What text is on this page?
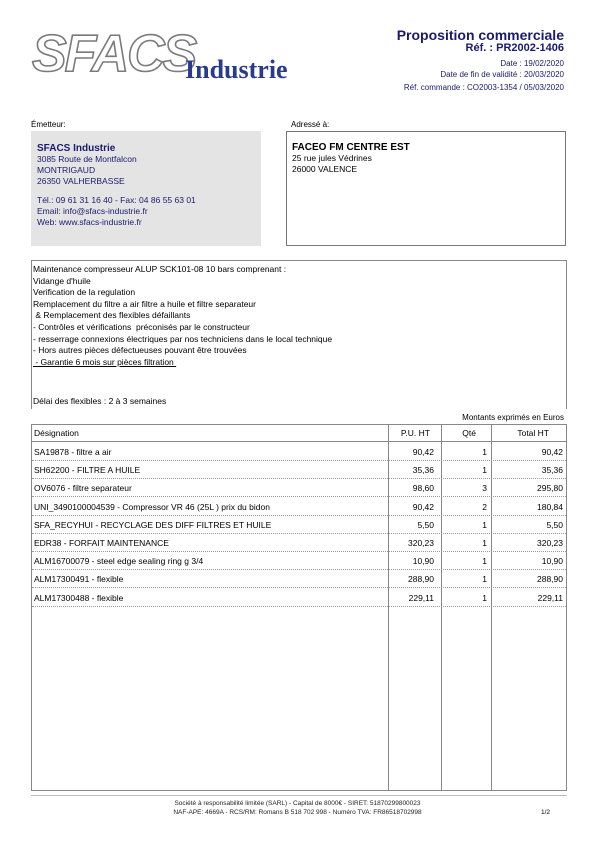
SFACS
Industrie
Proposition commerciale
Réf. : PR2002-1406
Date : 19/02/2020
Date de fin de validité : 20/03/2020
Réf. commande : CO2003-1354 / 05/03/2020
Émetteur:
SFACS Industrie
3085 Route de Montfalcon
MONTRIGAUD
26350 VALHERBASSE
Tél.: 09 61 31 16 40 - Fax: 04 86 55 63 01
Email: info@sfacs-industrie.fr
Web: www.sfacs-industrie.fr
Adressé à:
FACEO FM CENTRE EST
25 rue jules Védrines
26000 VALENCE
Maintenance compresseur ALUP SCK101-08 10 bars comprenant :
Vidange d'huile
Verification de la regulation
Remplacement du filtre a air filtre a huile et filtre separateur
& Remplacement des flexibles défaillants
- Contrôles et vérifications  préconisés par le constructeur
- resserrage connexions électriques par nos techniciens dans le local technique
- Hors autres pièces défectueuses pouvant être trouvées
- Garantie 6 mois sur pièces filtration
Délai des flexibles : 2 à 3 semaines
Montants exprimés en Euros
Désignation	P.U. HT	Qté	Total HT
SA19878 - filtre a air	90,42	1	90,42
SH62200 - FILTRE A HUILE	35,36	1	35,36
OV6076 - filtre separateur	98,60	3	295,80
UNI_3490100004539 - Compressor VR 46 (25L ) prix du bidon	90,42	2	180,84
SFA_RECYHUI - RECYCLAGE DES DIFF FILTRES ET HUILE	5,50	1	5,50
EDR38 - FORFAIT MAINTENANCE	320,23	1	320,23
ALM16700079 - steel edge sealing ring g 3/4	10,90	1	10,90
ALM17300491 - flexible	288,90	1	288,90
ALM17300488 - flexible	229,11	1	229,11
Société à responsabilité limitée (SARL) - Capital de 8000€ - SIRET: 51870299800023
NAF-APE: 4669A - RCS/RM: Romans B 518 702 998 - Numéro TVA: FR86518702998	1/2
